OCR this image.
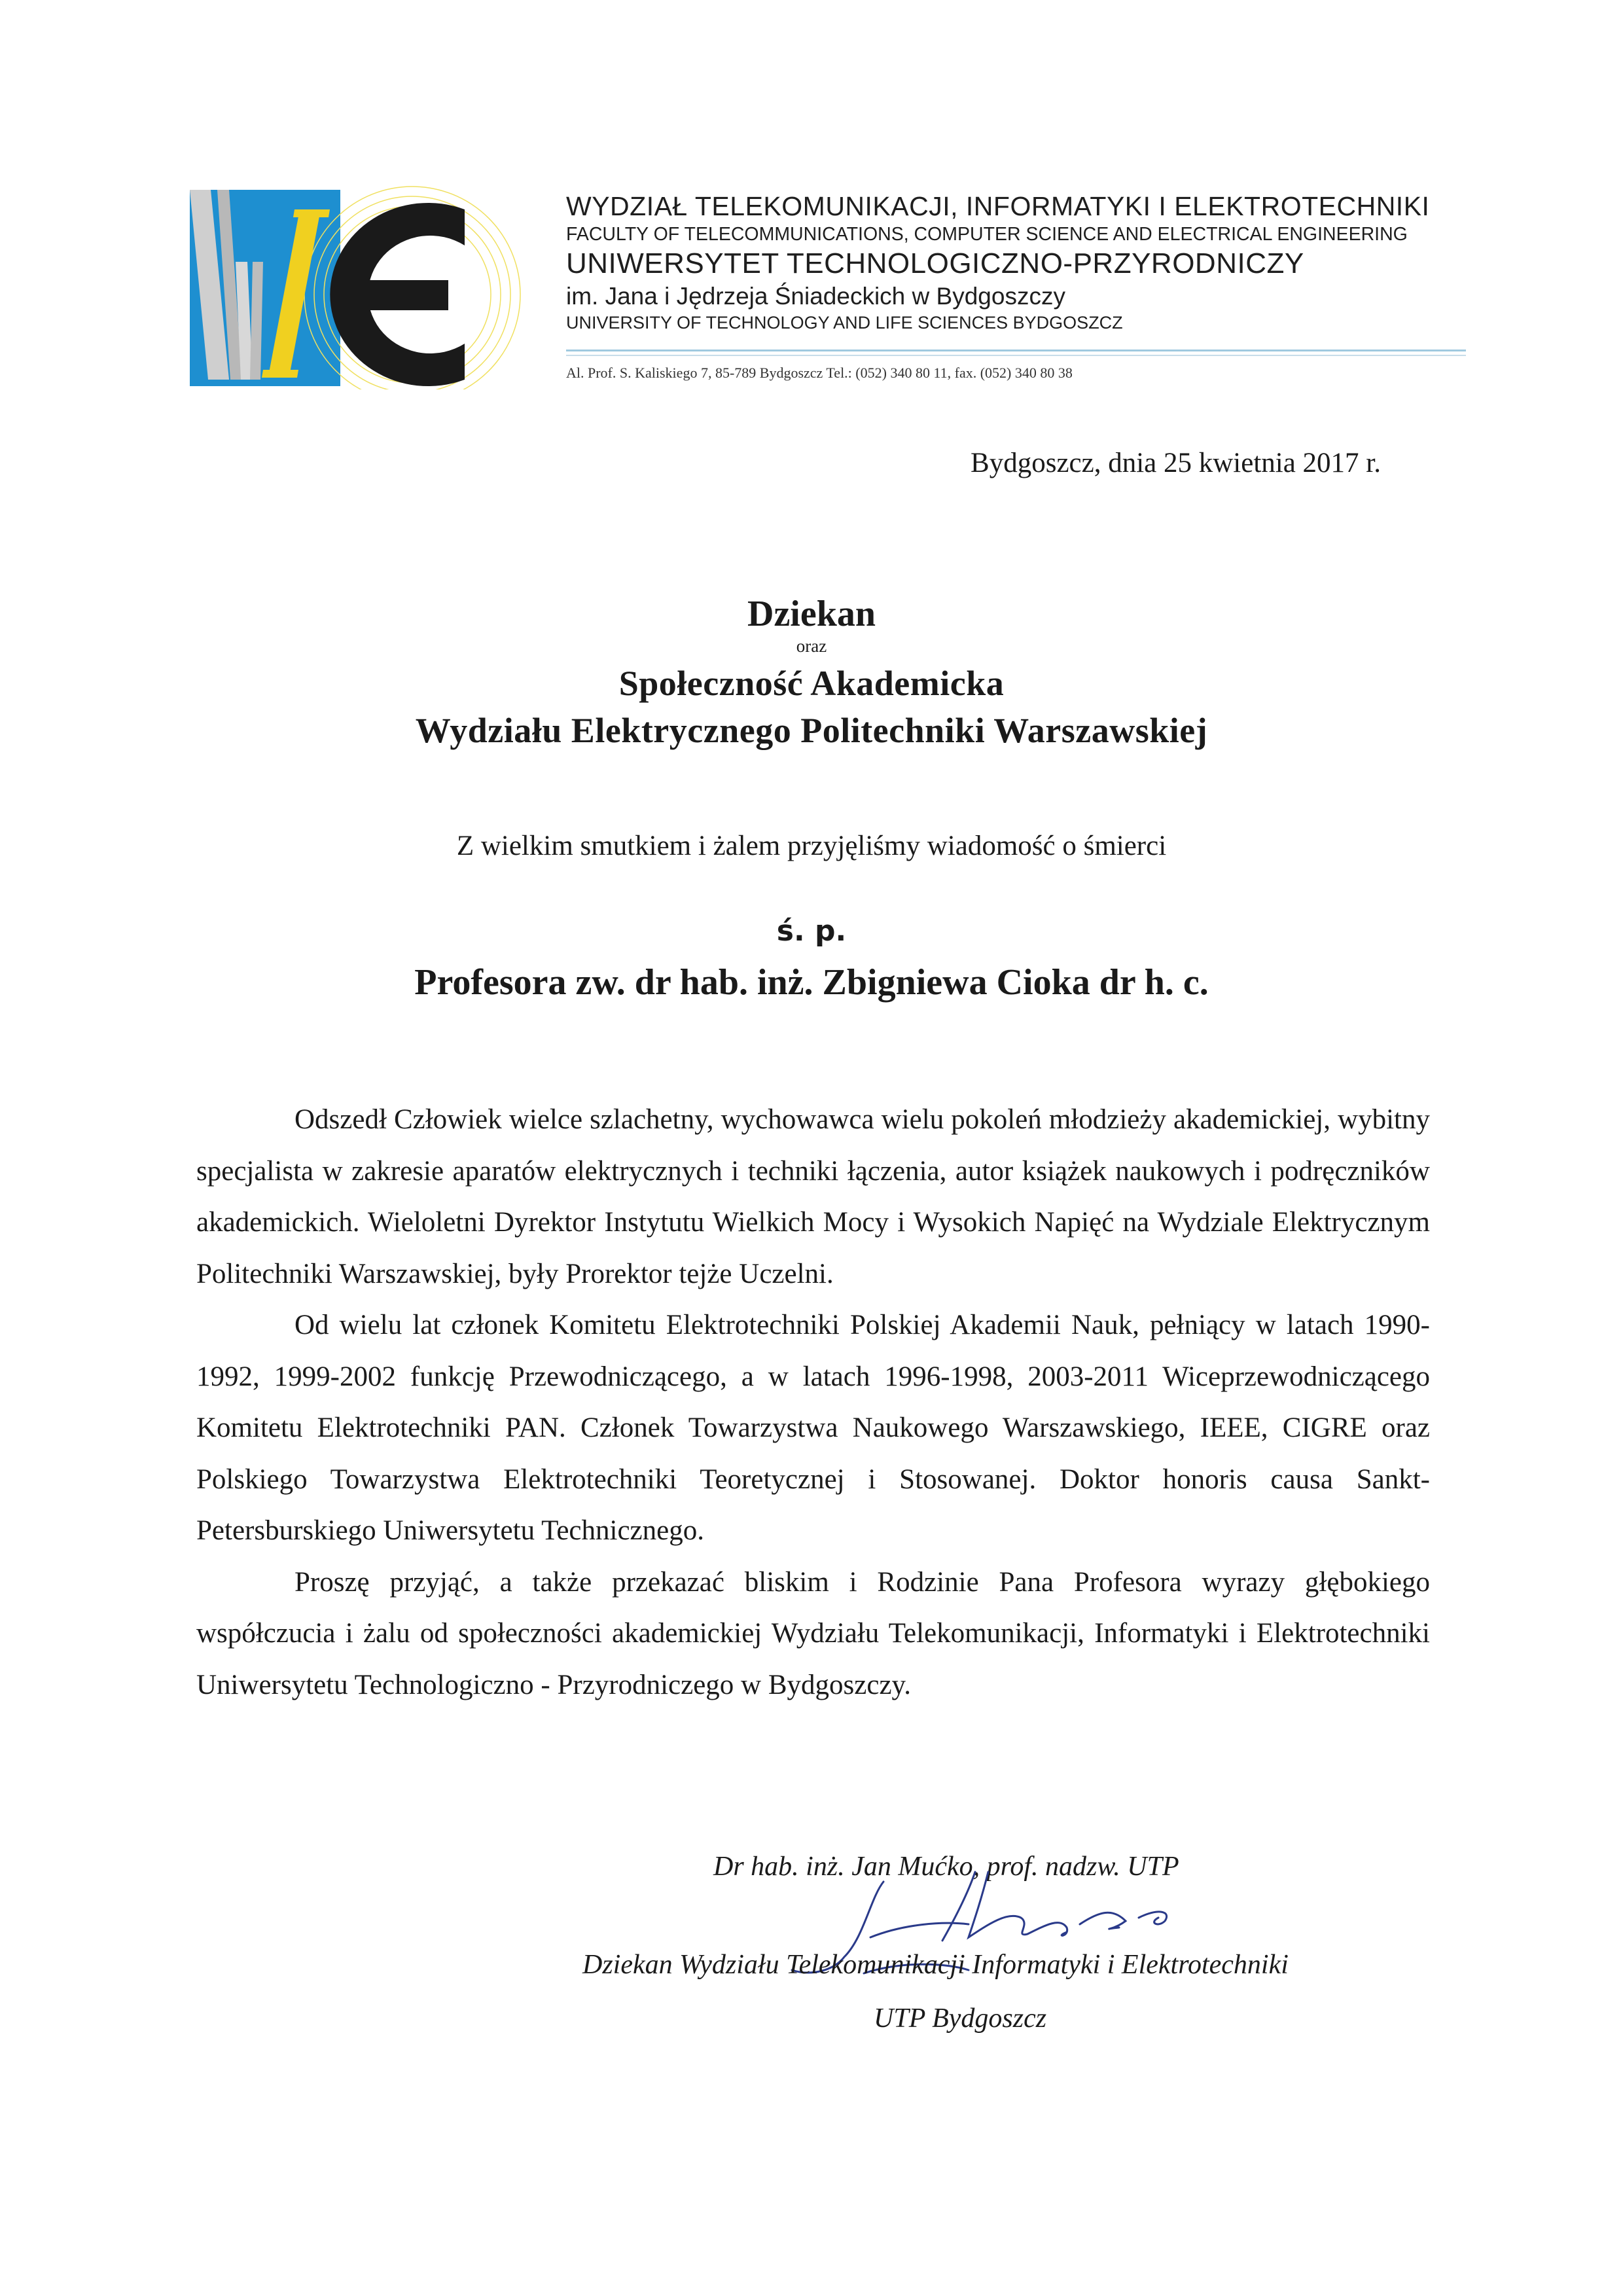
WYDZIAŁ TELEKOMUNIKACJI, INFORMATYKI I ELEKTROTECHNIKI
FACULTY OF TELECOMMUNICATIONS, COMPUTER SCIENCE AND ELECTRICAL ENGINEERING
UNIWERSYTET TECHNOLOGICZNO-PRZYRODNICZY
im. Jana i Jędrzeja Śniadeckich w Bydgoszczy
UNIVERSITY OF TECHNOLOGY AND LIFE SCIENCES BYDGOSZCZ
Al. Prof. S. Kaliskiego 7, 85-789 Bydgoszcz Tel.: (052) 340 80 11, fax. (052) 340 80 38
Bydgoszcz, dnia 25 kwietnia 2017 r.
Dziekan
oraz
Społeczność Akademicka
Wydziału Elektrycznego Politechniki Warszawskiej
Z wielkim smutkiem i żalem przyjęliśmy wiadomość o śmierci
ś. p.
Profesora zw. dr hab. inż. Zbigniewa Cioka dr h. c.

Odszedł Człowiek wielce szlachetny, wychowawca wielu pokoleń młodzieży akademickiej, wybitny specjalista w zakresie aparatów elektrycznych i techniki łączenia, autor książek naukowych i podręczników akademickich. Wieloletni Dyrektor Instytutu Wielkich Mocy i Wysokich Napięć na Wydziale Elektrycznym Politechniki Warszawskiej, były Prorektor tejże Uczelni.

Od wielu lat członek Komitetu Elektrotechniki Polskiej Akademii Nauk, pełniący w latach 1990-1992, 1999-2002 funkcję Przewodniczącego, a w latach 1996-1998, 2003-2011 Wiceprzewodniczącego Komitetu Elektrotechniki PAN. Członek Towarzystwa Naukowego Warszawskiego, IEEE, CIGRE oraz Polskiego Towarzystwa Elektrotechniki Teoretycznej i Stosowanej. Doktor honoris causa Sankt- Petersburskiego Uniwersytetu Technicznego.

Proszę przyjąć, a także przekazać bliskim i Rodzinie Pana Profesora wyrazy głębokiego współczucia i żalu od społeczności akademickiej Wydziału Telekomunikacji, Informatyki i Elektrotechniki Uniwersytetu Technologiczno - Przyrodniczego w Bydgoszczy.

Dr hab. inż. Jan Mućko, prof. nadzw. UTP
Dziekan Wydziału Telekomunikacji Informatyki i Elektrotechniki
UTP Bydgoszcz
